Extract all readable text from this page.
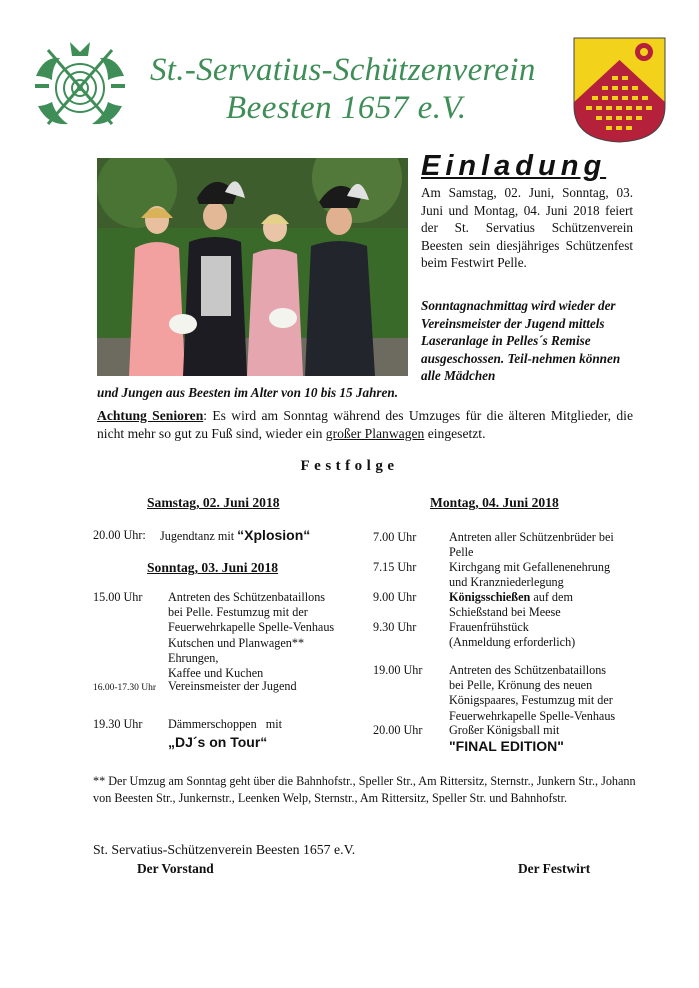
St.-Servatius-Schützenverein
Beesten 1657 e.V.
Einladung
Am Samstag, 02. Juni, Sonntag, 03. Juni und Montag, 04. Juni 2018 feiert der St. Servatius Schützenverein Beesten sein diesjähriges Schützenfest beim Festwirt Pelle.
Sonntagnachmittag wird wieder der Vereinsmeister der Jugend mittels Laseranlage in Pelles´s Remise ausgeschossen. Teil-nehmen können alle Mädchen
und Jungen aus Beesten im Alter von 10 bis 15 Jahren.
Achtung Senioren: Es wird am Sonntag während des Umzuges für die älteren Mitglieder, die nicht mehr so gut zu Fuß sind, wieder ein großer Planwagen eingesetzt.
Festfolge
Samstag, 02. Juni 2018
20.00 Uhr: Jugendtanz mit “Xplosion“
Sonntag, 03. Juni 2018
15.00 Uhr Antreten des Schützenbataillons
bei Pelle. Festumzug mit der
Feuerwehrkapelle Spelle-Venhaus
Kutschen und Planwagen**
Ehrungen,
Kaffee und Kuchen
16.00-17.30 Uhr Vereinsmeister der Jugend
19.30 Uhr Dämmerschoppen   mit
„DJ´s on Tour“
Montag, 04. Juni 2018
7.00 Uhr	Antreten aller Schützenbrüder bei
Pelle
7.15 Uhr	Kirchgang mit Gefallenenehrung
und Kranzniederlegung
9.00 Uhr	Königsschießen auf dem
Schießstand bei Meese
9.30 Uhr	Frauenfrühstück
(Anmeldung erforderlich)
19.00 Uhr Antreten des Schützenbataillons
bei Pelle, Krönung des neuen
Königspaares, Festumzug mit der
Feuerwehrkapelle Spelle-Venhaus
20.00 Uhr Großer Königsball mit
"FINAL EDITION"
** Der Umzug am Sonntag geht über die Bahnhofstr., Speller Str., Am Rittersitz, Sternstr., Junkern Str., Johann von Beesten Str., Junkernstr., Leenken Welp, Sternstr., Am Rittersitz, Speller Str. und Bahnhofstr.
St. Servatius-Schützenverein Beesten 1657 e.V.
Der Vorstand	Der Festwirt
